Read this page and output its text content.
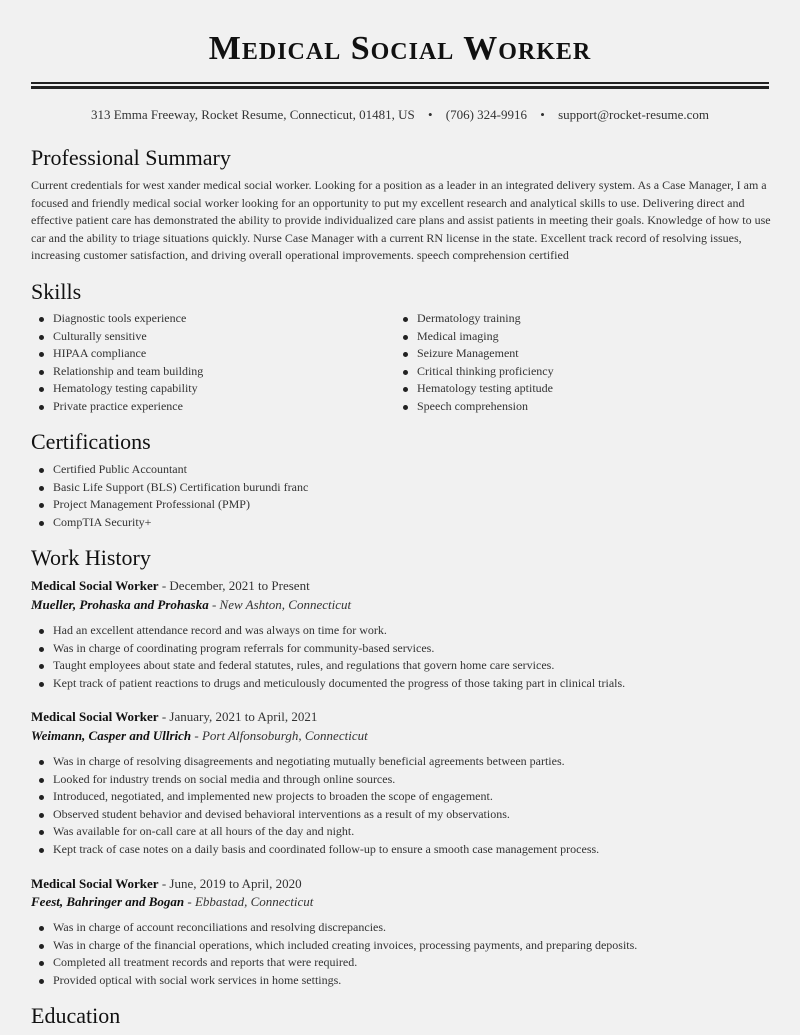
Medical Social Worker
313 Emma Freeway, Rocket Resume, Connecticut, 01481, US • (706) 324-9916 • support@rocket-resume.com
Professional Summary

Current credentials for west xander medical social worker. Looking for a position as a leader in an integrated delivery system. As a Case Manager, I am a focused and friendly medical social worker looking for an opportunity to put my excellent research and analytical skills to use. Delivering direct and effective patient care has demonstrated the ability to provide individualized care plans and assist patients in meeting their goals. Knowledge of how to use car and the ability to triage situations quickly. Nurse Case Manager with a current RN license in the state. Excellent track record of resolving issues, increasing customer satisfaction, and driving overall operational improvements. speech comprehension certified

Skills
Diagnostic tools experience
Culturally sensitive
HIPAA compliance
Relationship and team building
Hematology testing capability
Private practice experience
Dermatology training
Medical imaging
Seizure Management
Critical thinking proficiency
Hematology testing aptitude
Speech comprehension
Certifications
Certified Public Accountant
Basic Life Support (BLS) Certification burundi franc
Project Management Professional (PMP)
CompTIA Security+
Work History
Medical Social Worker - December, 2021 to Present
Mueller, Prohaska and Prohaska - New Ashton, Connecticut
Had an excellent attendance record and was always on time for work.
Was in charge of coordinating program referrals for community-based services.
Taught employees about state and federal statutes, rules, and regulations that govern home care services.
Kept track of patient reactions to drugs and meticulously documented the progress of those taking part in clinical trials.
Medical Social Worker - January, 2021 to April, 2021
Weimann, Casper and Ullrich - Port Alfonsoburgh, Connecticut
Was in charge of resolving disagreements and negotiating mutually beneficial agreements between parties.
Looked for industry trends on social media and through online sources.
Introduced, negotiated, and implemented new projects to broaden the scope of engagement.
Observed student behavior and devised behavioral interventions as a result of my observations.
Was available for on-call care at all hours of the day and night.
Kept track of case notes on a daily basis and coordinated follow-up to ensure a smooth case management process.
Medical Social Worker - June, 2019 to April, 2020
Feest, Bahringer and Bogan - Ebbastad, Connecticut
Was in charge of account reconciliations and resolving discrepancies.
Was in charge of the financial operations, which included creating invoices, processing payments, and preparing deposits.
Completed all treatment records and reports that were required.
Provided optical with social work services in home settings.
Education
